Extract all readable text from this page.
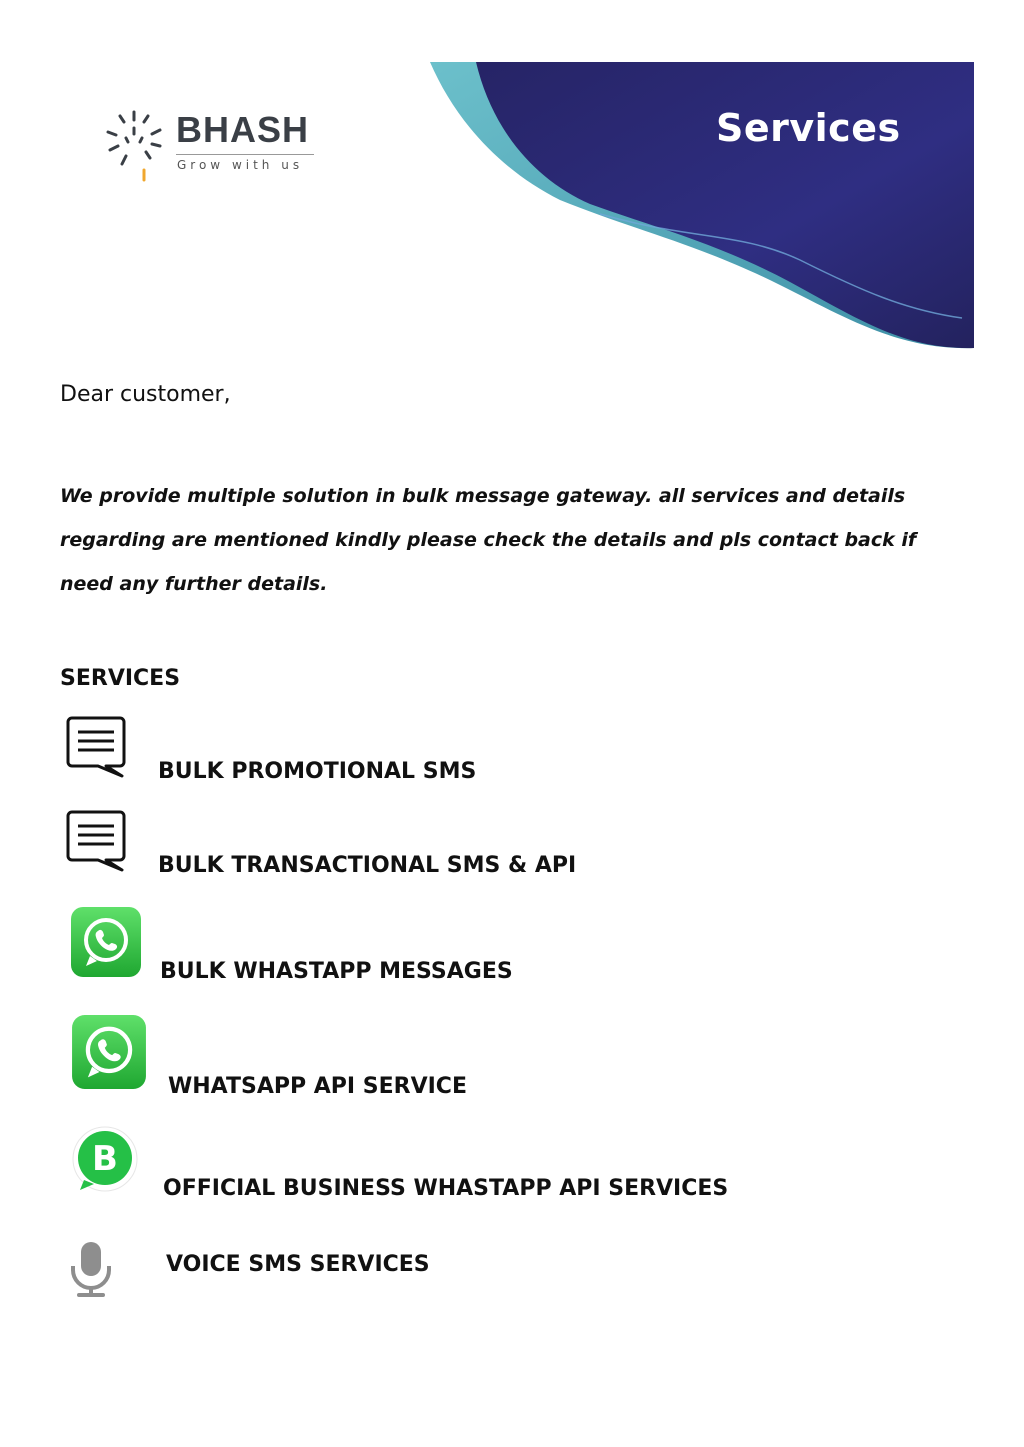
BHASH
Grow with us
Services
Dear customer,

We provide multiple solution in bulk message gateway. all services and details regarding are mentioned kindly please check the details and pls contact back if need any further details.

SERVICES
BULK PROMOTIONAL SMS
BULK TRANSACTIONAL SMS & API
BULK WHASTAPP MESSAGES
WHATSAPP API SERVICE
B
OFFICIAL BUSINESS WHASTAPP API SERVICES
VOICE SMS SERVICES
